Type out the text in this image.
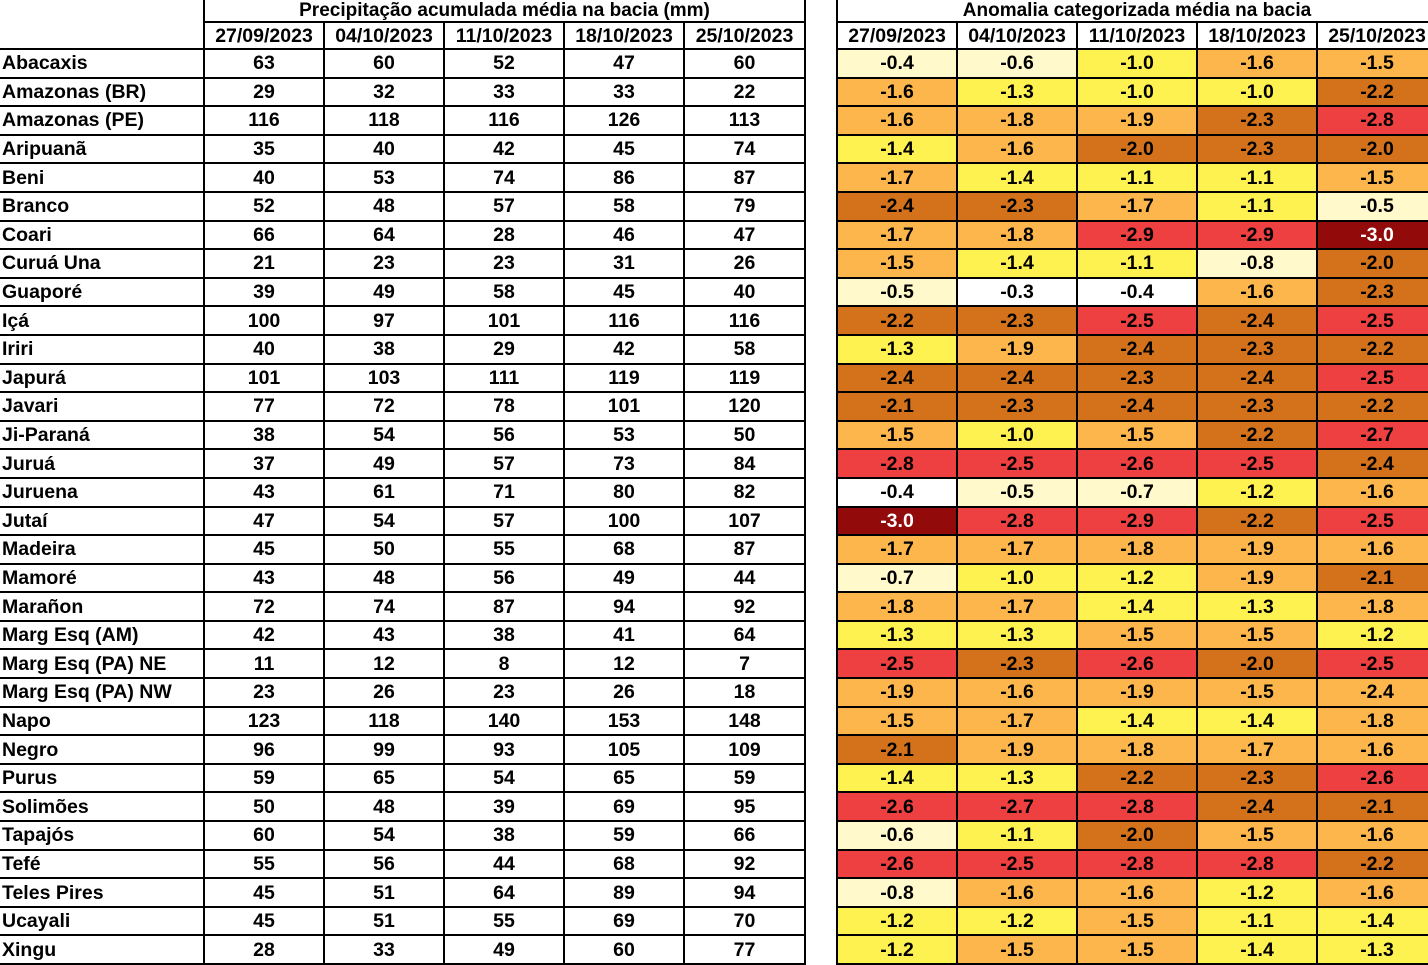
	Precipitação acumulada média na bacia (mm)				
	27/09/2023	04/10/2023	11/10/2023	18/10/2023	25/10/2023
Abacaxis	63	60	52	47	60
Amazonas (BR)	29	32	33	33	22
Amazonas (PE)	116	118	116	126	113
Aripuanã	35	40	42	45	74
Beni	40	53	74	86	87
Branco	52	48	57	58	79
Coari	66	64	28	46	47
Curuá Una	21	23	23	31	26
Guaporé	39	49	58	45	40
Içá	100	97	101	116	116
Iriri	40	38	29	42	58
Japurá	101	103	111	119	119
Javari	77	72	78	101	120
Ji-Paraná	38	54	56	53	50
Juruá	37	49	57	73	84
Juruena	43	61	71	80	82
Jutaí	47	54	57	100	107
Madeira	45	50	55	68	87
Mamoré	43	48	56	49	44
Marañon	72	74	87	94	92
Marg Esq (AM)	42	43	38	41	64
Marg Esq (PA) NE	11	12	8	12	7
Marg Esq (PA) NW	23	26	23	26	18
Napo	123	118	140	153	148
Negro	96	99	93	105	109
Purus	59	65	54	65	59
Solimões	50	48	39	69	95
Tapajós	60	54	38	59	66
Tefé	55	56	44	68	92
Teles Pires	45	51	64	89	94
Ucayali	45	51	55	69	70
Xingu	28	33	49	60	77
Anomalia categorizada média na bacia				
27/09/2023	04/10/2023	11/10/2023	18/10/2023	25/10/2023
-0.4	-0.6	-1.0	-1.6	-1.5
-1.6	-1.3	-1.0	-1.0	-2.2
-1.6	-1.8	-1.9	-2.3	-2.8
-1.4	-1.6	-2.0	-2.3	-2.0
-1.7	-1.4	-1.1	-1.1	-1.5
-2.4	-2.3	-1.7	-1.1	-0.5
-1.7	-1.8	-2.9	-2.9	-3.0
-1.5	-1.4	-1.1	-0.8	-2.0
-0.5	-0.3	-0.4	-1.6	-2.3
-2.2	-2.3	-2.5	-2.4	-2.5
-1.3	-1.9	-2.4	-2.3	-2.2
-2.4	-2.4	-2.3	-2.4	-2.5
-2.1	-2.3	-2.4	-2.3	-2.2
-1.5	-1.0	-1.5	-2.2	-2.7
-2.8	-2.5	-2.6	-2.5	-2.4
-0.4	-0.5	-0.7	-1.2	-1.6
-3.0	-2.8	-2.9	-2.2	-2.5
-1.7	-1.7	-1.8	-1.9	-1.6
-0.7	-1.0	-1.2	-1.9	-2.1
-1.8	-1.7	-1.4	-1.3	-1.8
-1.3	-1.3	-1.5	-1.5	-1.2
-2.5	-2.3	-2.6	-2.0	-2.5
-1.9	-1.6	-1.9	-1.5	-2.4
-1.5	-1.7	-1.4	-1.4	-1.8
-2.1	-1.9	-1.8	-1.7	-1.6
-1.4	-1.3	-2.2	-2.3	-2.6
-2.6	-2.7	-2.8	-2.4	-2.1
-0.6	-1.1	-2.0	-1.5	-1.6
-2.6	-2.5	-2.8	-2.8	-2.2
-0.8	-1.6	-1.6	-1.2	-1.6
-1.2	-1.2	-1.5	-1.1	-1.4
-1.2	-1.5	-1.5	-1.4	-1.3
